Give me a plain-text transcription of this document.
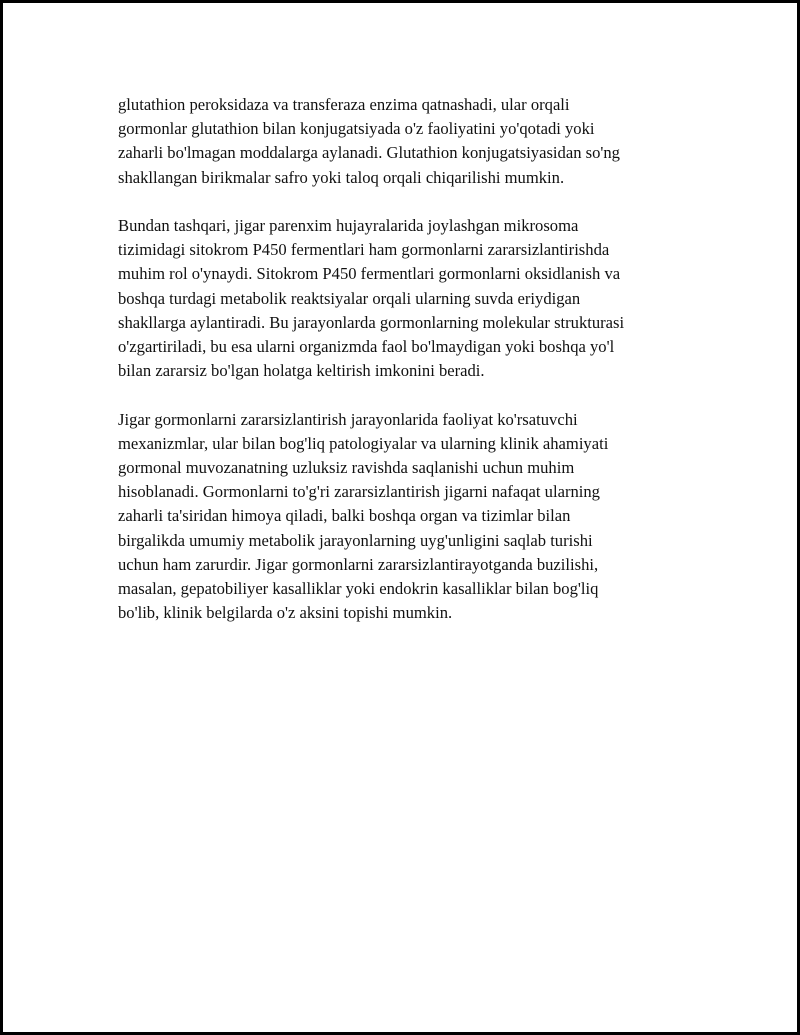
glutathion peroksidaza va transferaza enzima qatnashadi, ular orqali
gormonlar glutathion bilan konjugatsiyada o'z faoliyatini yo'qotadi yoki
zaharli bo'lmagan moddalarga aylanadi. Glutathion konjugatsiyasidan so'ng
shakllangan birikmalar safro yoki taloq orqali chiqarilishi mumkin.

Bundan tashqari, jigar parenxim hujayralarida joylashgan mikrosoma
tizimidagi sitokrom P450 fermentlari ham gormonlarni zararsizlantirishda
muhim rol o'ynaydi. Sitokrom P450 fermentlari gormonlarni oksidlanish va
boshqa turdagi metabolik reaktsiyalar orqali ularning suvda eriydigan
shakllarga aylantiradi. Bu jarayonlarda gormonlarning molekular strukturasi
o'zgartiriladi, bu esa ularni organizmda faol bo'lmaydigan yoki boshqa yo'l
bilan zararsiz bo'lgan holatga keltirish imkonini beradi.

Jigar gormonlarni zararsizlantirish jarayonlarida faoliyat ko'rsatuvchi
mexanizmlar, ular bilan bog'liq patologiyalar va ularning klinik ahamiyati
gormonal muvozanatning uzluksiz ravishda saqlanishi uchun muhim
hisoblanadi. Gormonlarni to'g'ri zararsizlantirish jigarni nafaqat ularning
zaharli ta'siridan himoya qiladi, balki boshqa organ va tizimlar bilan
birgalikda umumiy metabolik jarayonlarning uyg'unligini saqlab turishi
uchun ham zarurdir. Jigar gormonlarni zararsizlantirayotganda buzilishi,
masalan, gepatobiliyer kasalliklar yoki endokrin kasalliklar bilan bog'liq
bo'lib, klinik belgilarda o'z aksini topishi mumkin.
